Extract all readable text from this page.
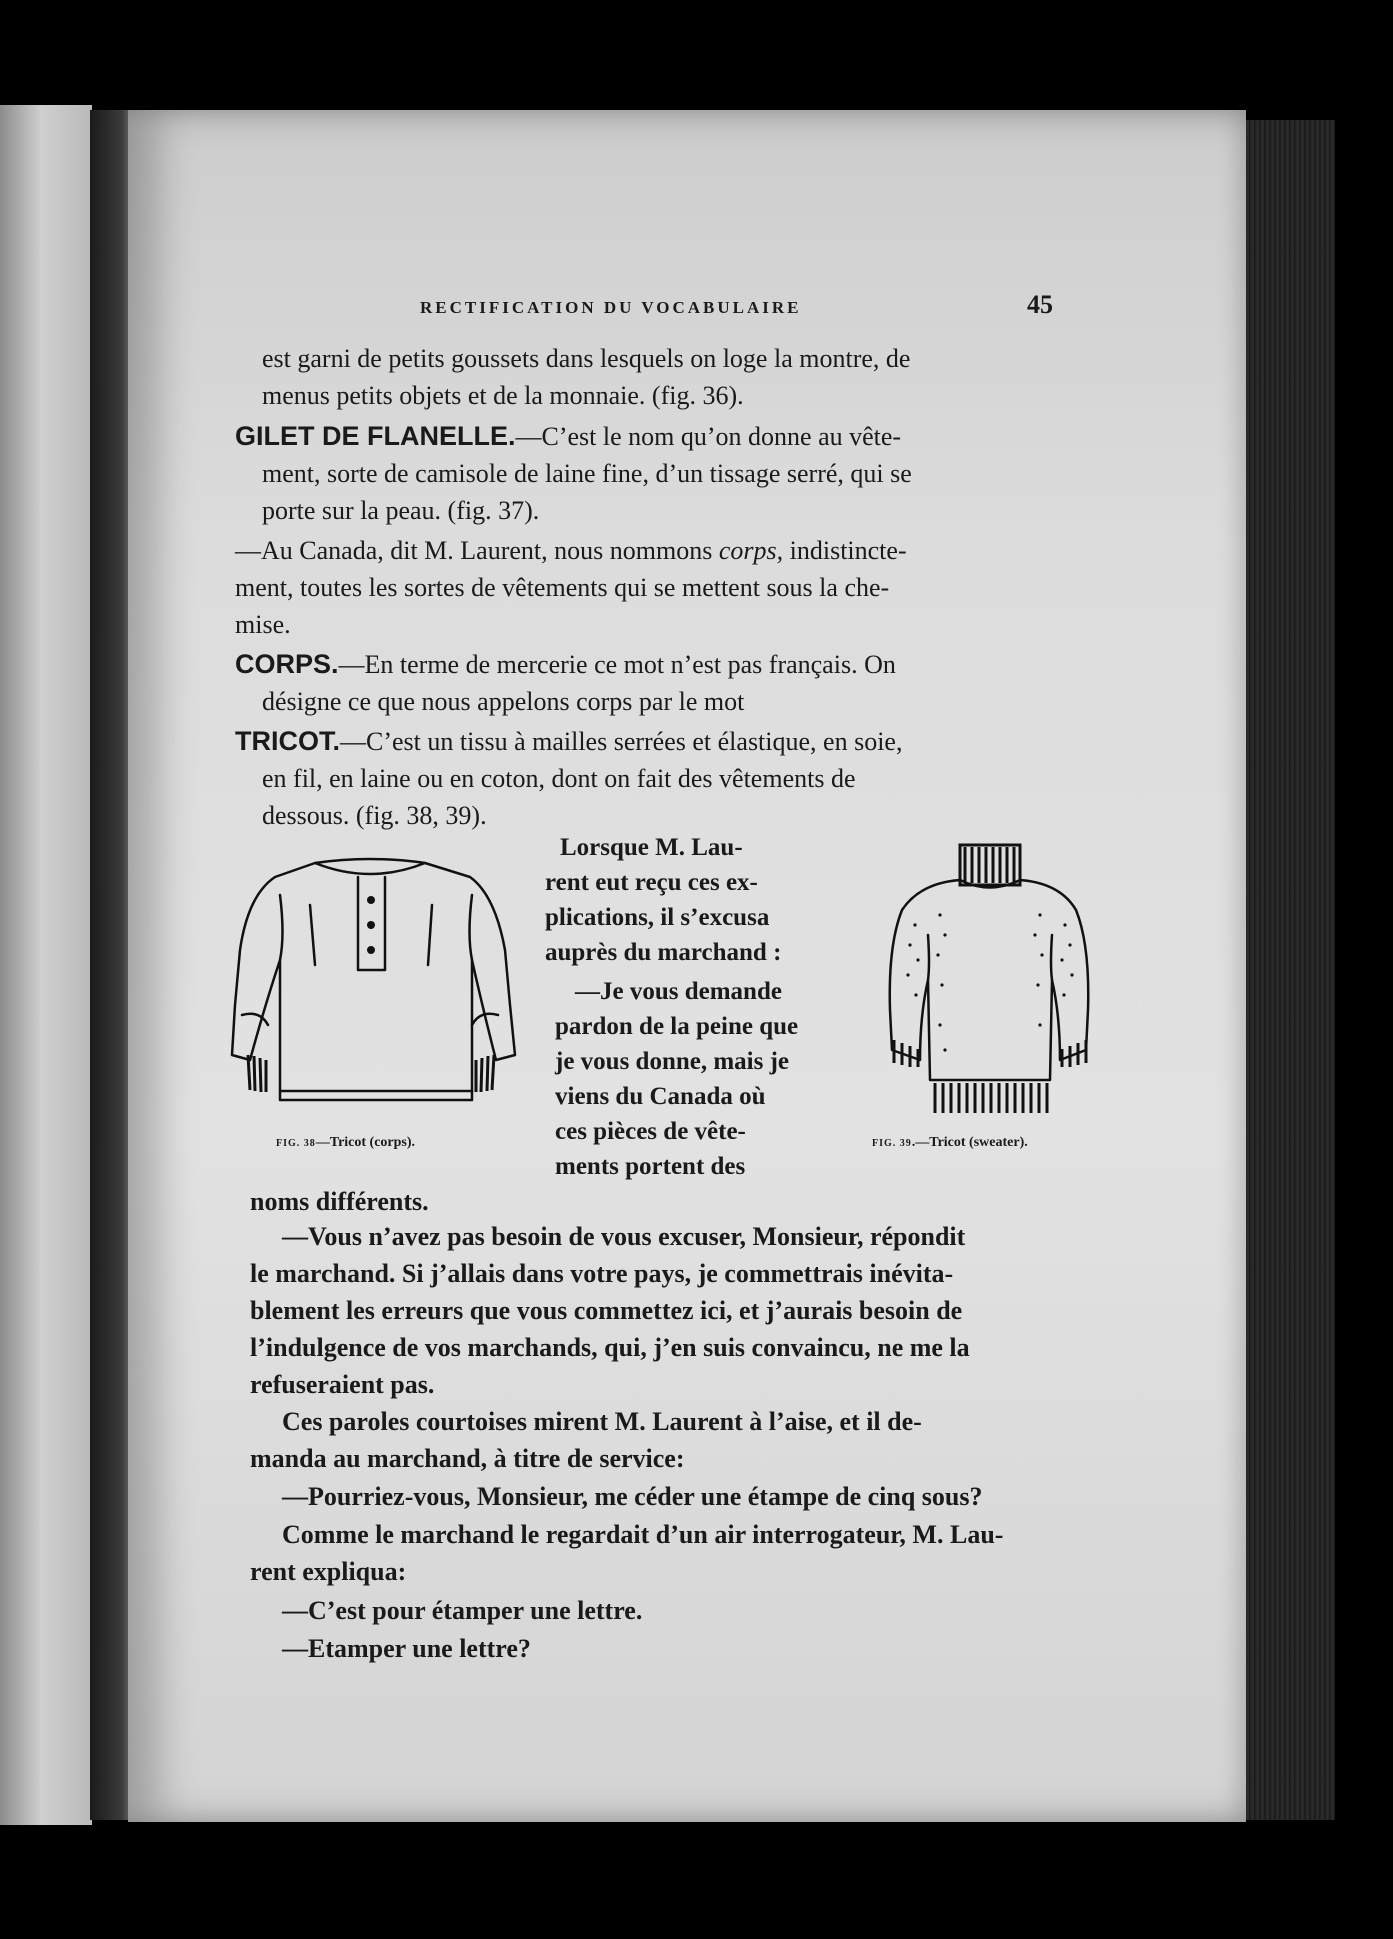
RECTIFICATION DU VOCABULAIRE	45

est garni de petits goussets dans lesquels on loge la montre, de

menus petits objets et de la monnaie. (fig. 36).

GILET DE FLANELLE.—C’est le nom qu’on donne au vête-

ment, sorte de camisole de laine fine, d’un tissage serré, qui se

porte sur la peau. (fig. 37).

—Au Canada, dit M. Laurent, nous nommons corps, indistincte-

ment, toutes les sortes de vêtements qui se mettent sous la che-

mise.

CORPS.—En terme de mercerie ce mot n’est pas français. On

désigne ce que nous appelons corps par le mot

TRICOT.—C’est un tissu à mailles serrées et élastique, en soie,

en fil, en laine ou en coton, dont on fait des vêtements de

dessous. (fig. 38, 39).

FIG. 38—Tricot (corps).

Lorsque M. Lau-

rent eut reçu ces ex-

plications, il s’excusa

auprès du marchand :

—Je vous demande

pardon de la peine que

je vous donne, mais je

viens du Canada où

ces pièces de vête-

ments portent des

FIG. 39.—Tricot (sweater).

noms différents.

—Vous n’avez pas besoin de vous excuser, Monsieur, répondit

le marchand. Si j’allais dans votre pays, je commettrais inévita-

blement les erreurs que vous commettez ici, et j’aurais besoin de

l’indulgence de vos marchands, qui, j’en suis convaincu, ne me la

refuseraient pas.

Ces paroles courtoises mirent M. Laurent à l’aise, et il de-

manda au marchand, à titre de service:

—Pourriez-vous, Monsieur, me céder une étampe de cinq sous?

Comme le marchand le regardait d’un air interrogateur, M. Lau-

rent expliqua:

—C’est pour étamper une lettre.

—Etamper une lettre?
